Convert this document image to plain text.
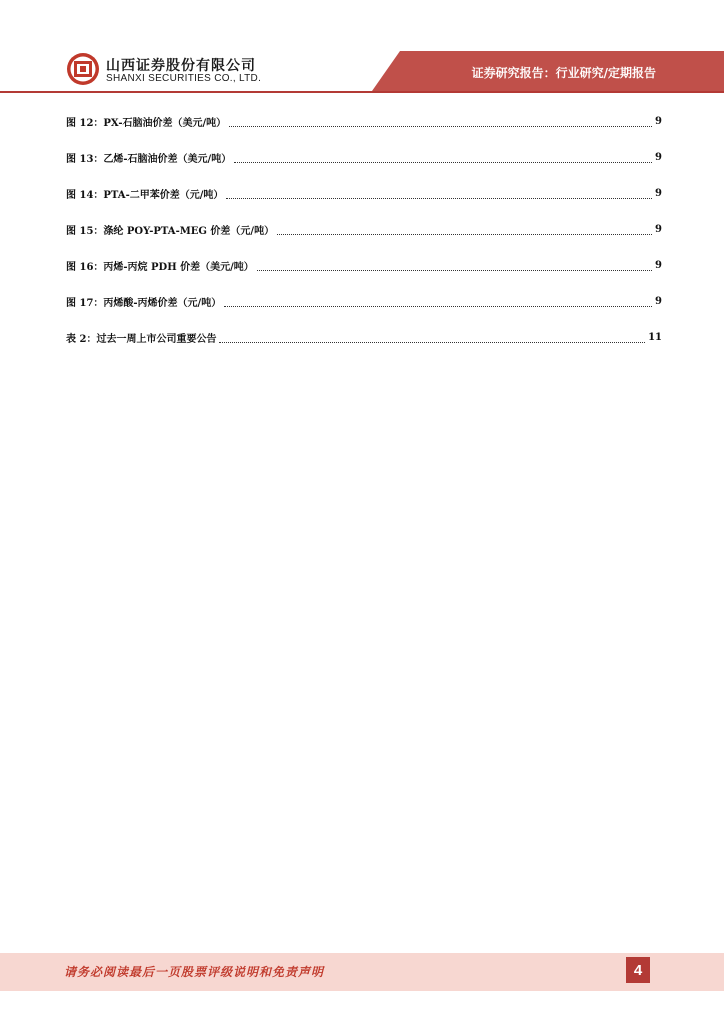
山西证券股份有限公司
SHANXI SECURITIES CO., LTD.	证券研究报告：行业研究/定期报告
图 12：PX-石脑油价差（美元/吨）	9
图 13：乙烯-石脑油价差（美元/吨）	9
图 14：PTA-二甲苯价差（元/吨）	9
图 15：涤纶 POY-PTA-MEG 价差（元/吨）	9
图 16：丙烯-丙烷 PDH 价差（美元/吨）	9
图 17：丙烯酸-丙烯价差（元/吨）	9
表 2：过去一周上市公司重要公告	11
请务必阅读最后一页股票评级说明和免责声明	4
